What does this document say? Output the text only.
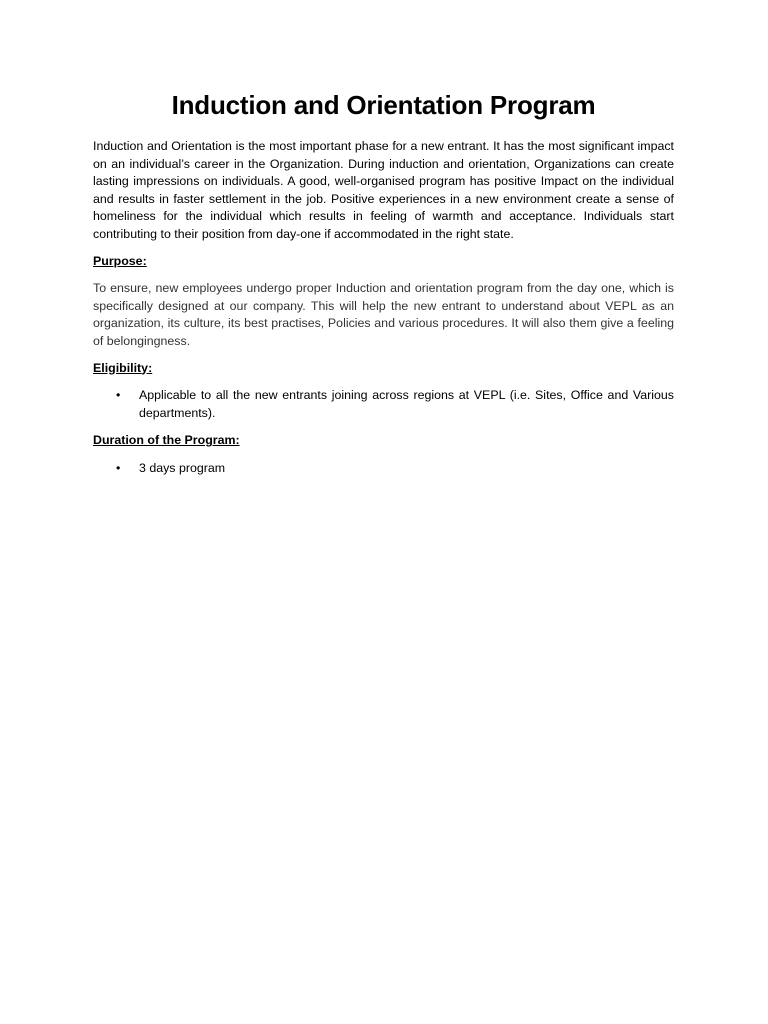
Induction and Orientation Program

Induction and Orientation is the most important phase for a new entrant. It has the most significant impact on an individual’s career in the Organization. During induction and orientation, Organizations can create lasting impressions on individuals. A good, well-organised program has positive Impact on the individual and results in faster settlement in the job. Positive experiences in a new environment create a sense of homeliness for the individual which results in feeling of warmth and acceptance. Individuals start contributing to their position from day-one if accommodated in the right state.

Purpose:

To ensure, new employees undergo proper Induction and orientation program from the day one, which is specifically designed at our company. This will help the new entrant to understand about VEPL as an organization, its culture, its best practises, Policies and various procedures. It will also them give a feeling of belongingness.

Eligibility:
• Applicable to all the new entrants joining across regions at VEPL (i.e. Sites, Office and Various departments).
Duration of the Program:
• 3 days program
